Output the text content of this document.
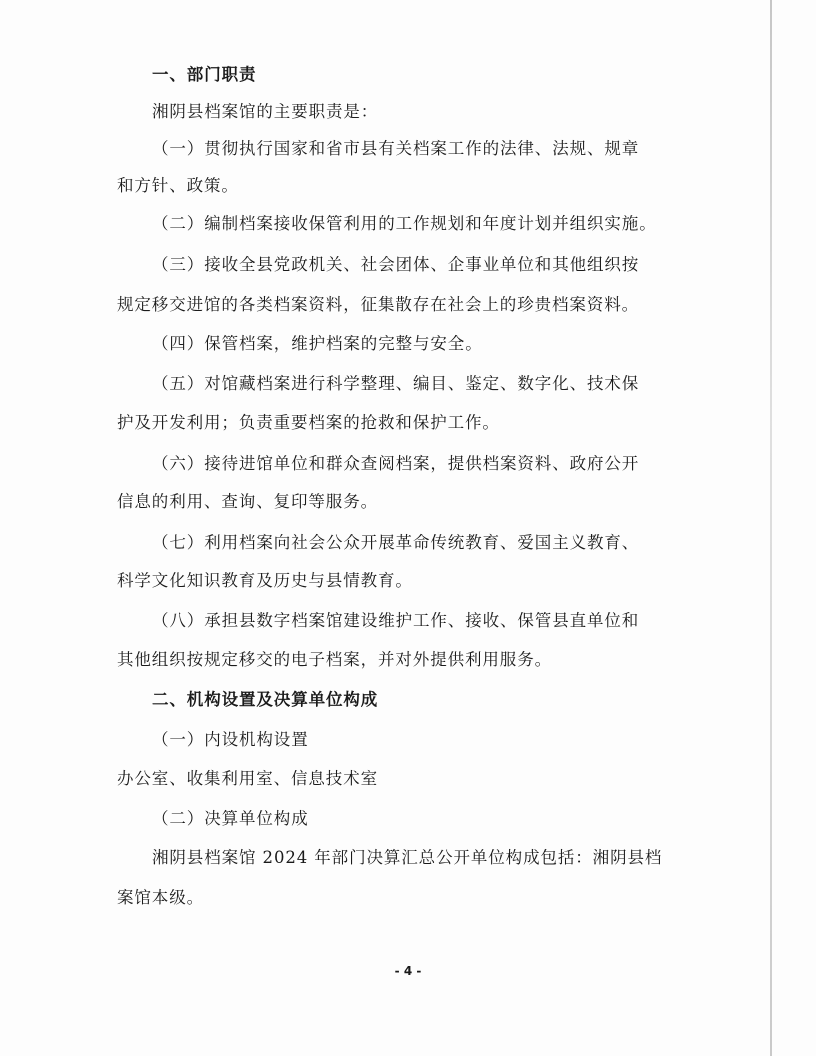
一、部门职责
湘阴县档案馆的主要职责是：
（一）贯彻执行国家和省市县有关档案工作的法律、法规、规章
和方针、政策。
（二）编制档案接收保管利用的工作规划和年度计划并组织实施。
（三）接收全县党政机关、社会团体、企事业单位和其他组织按
规定移交进馆的各类档案资料，征集散存在社会上的珍贵档案资料。
（四）保管档案，维护档案的完整与安全。
（五）对馆藏档案进行科学整理、编目、鉴定、数字化、技术保
护及开发利用；负责重要档案的抢救和保护工作。
（六）接待进馆单位和群众查阅档案，提供档案资料、政府公开
信息的利用、查询、复印等服务。
（七）利用档案向社会公众开展革命传统教育、爱国主义教育、
科学文化知识教育及历史与县情教育。
（八）承担县数字档案馆建设维护工作、接收、保管县直单位和
其他组织按规定移交的电子档案，并对外提供利用服务。
二、机构设置及决算单位构成
（一）内设机构设置
办公室、收集利用室、信息技术室
（二）决算单位构成
湘阴县档案馆 2024 年部门决算汇总公开单位构成包括：湘阴县档
案馆本级。
- 4 -
